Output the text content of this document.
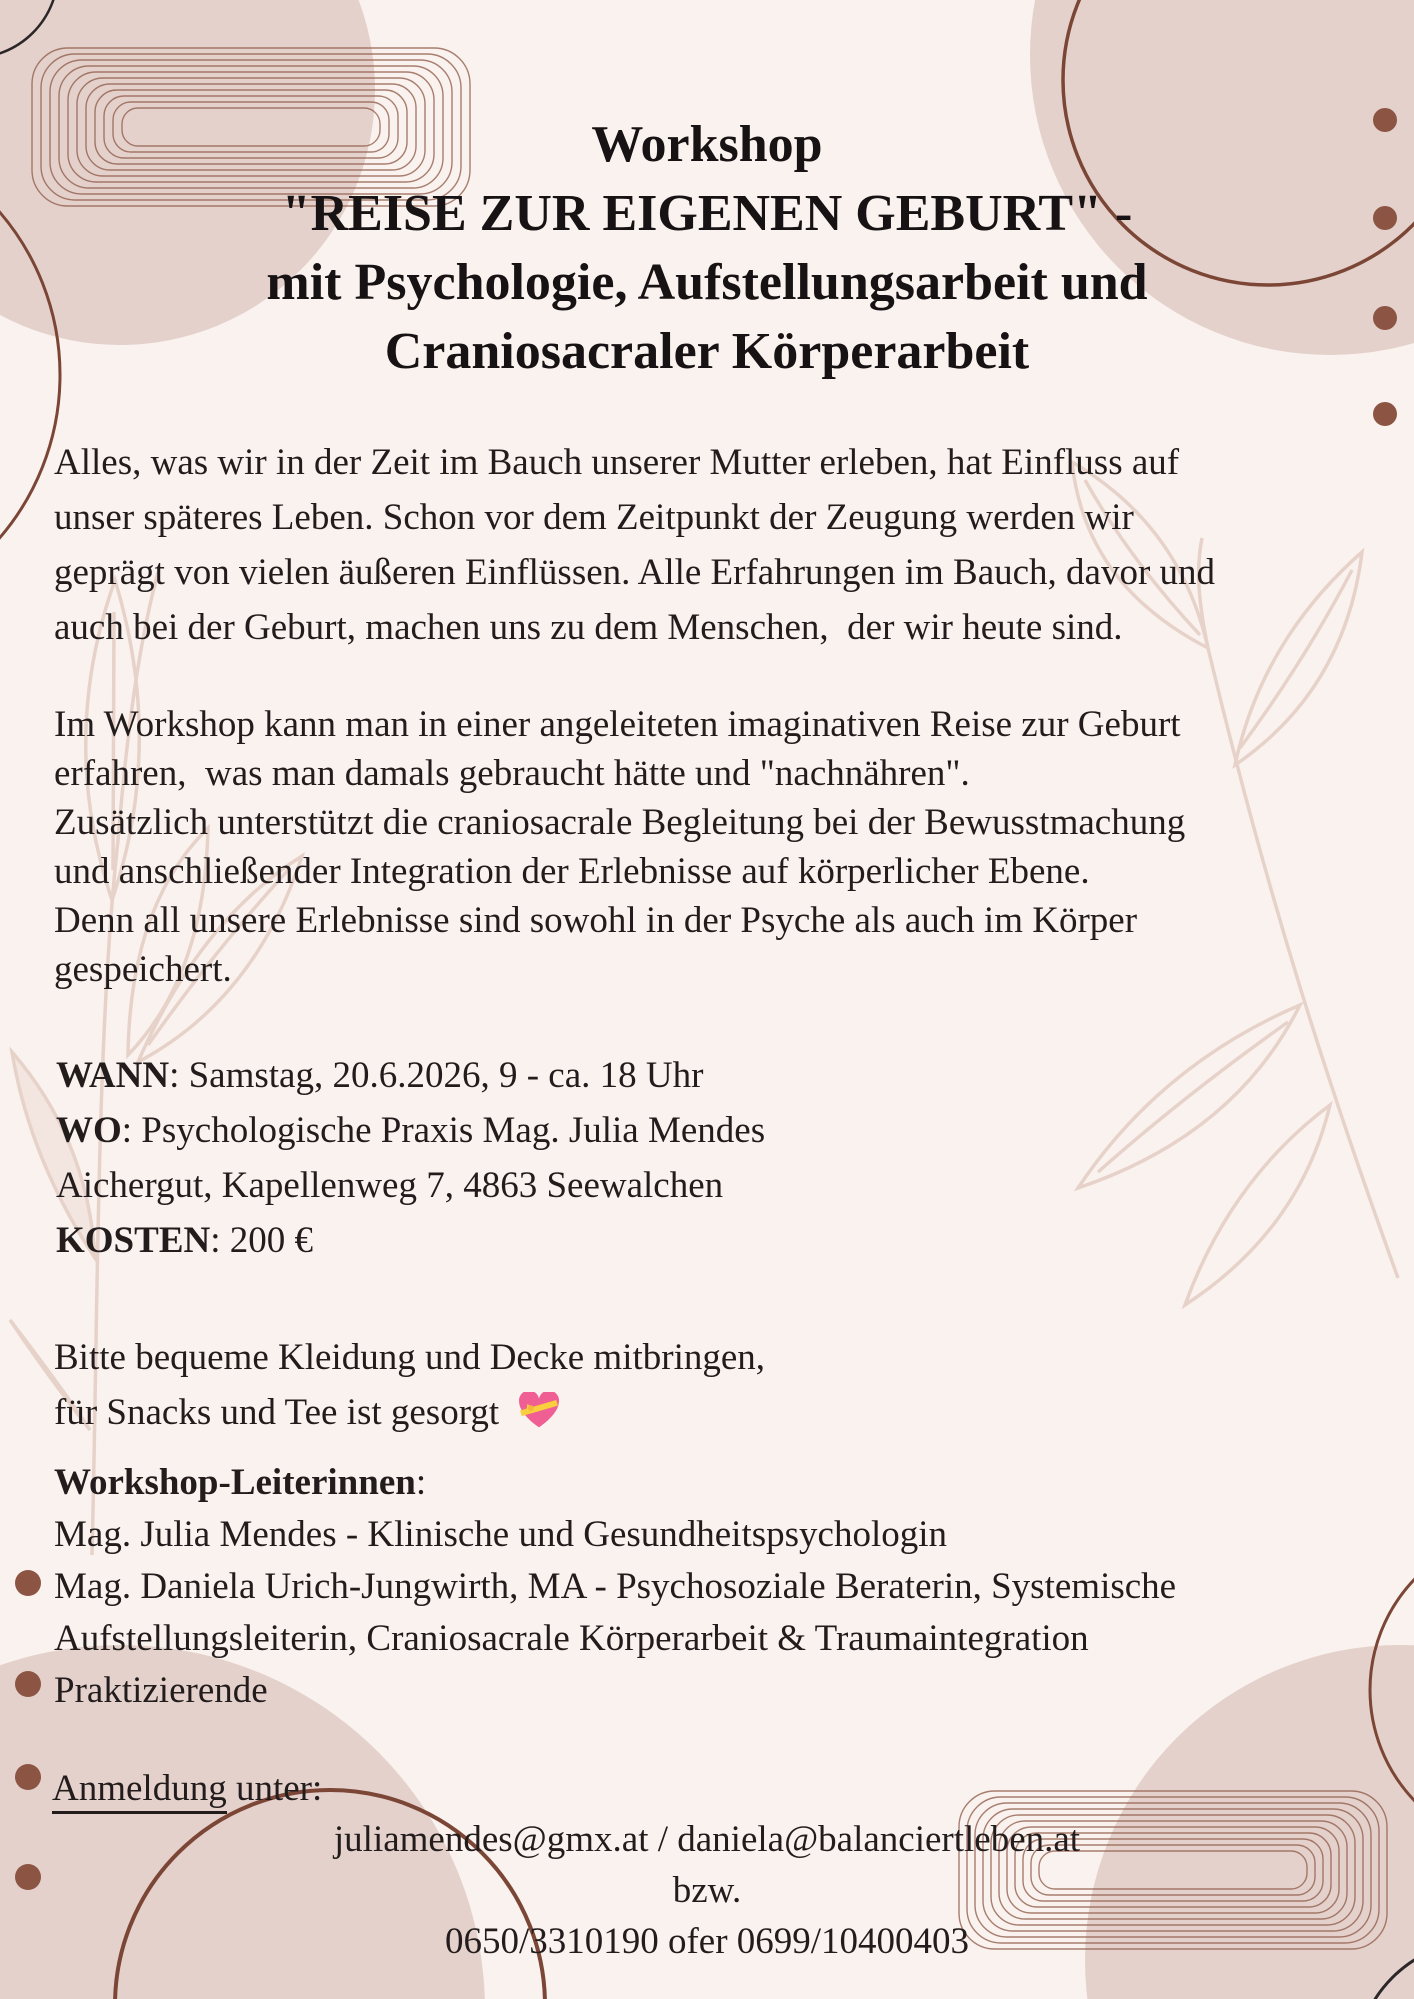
Workshop
"REISE ZUR EIGENEN GEBURT" -
mit Psychologie, Aufstellungsarbeit und
Craniosacraler Körperarbeit
Alles, was wir in der Zeit im Bauch unserer Mutter erleben, hat Einfluss auf
unser späteres Leben. Schon vor dem Zeitpunkt der Zeugung werden wir
geprägt von vielen äußeren Einflüssen. Alle Erfahrungen im Bauch, davor und
auch bei der Geburt, machen uns zu dem Menschen,  der wir heute sind.
Im Workshop kann man in einer angeleiteten imaginativen Reise zur Geburt
erfahren,  was man damals gebraucht hätte und "nachnähren".
Zusätzlich unterstützt die craniosacrale Begleitung bei der Bewusstmachung
und anschließender Integration der Erlebnisse auf körperlicher Ebene.
Denn all unsere Erlebnisse sind sowohl in der Psyche als auch im Körper
gespeichert.
WANN: Samstag, 20.6.2026, 9 - ca. 18 Uhr
WO: Psychologische Praxis Mag. Julia Mendes
Aichergut, Kapellenweg 7, 4863 Seewalchen
KOSTEN: 200 €
Bitte bequeme Kleidung und Decke mitbringen,
für Snacks und Tee ist gesorgt
Workshop-Leiterinnen:
Mag. Julia Mendes - Klinische und Gesundheitspsychologin
Mag. Daniela Urich-Jungwirth, MA - Psychosoziale Beraterin, Systemische
Aufstellungsleiterin, Craniosacrale Körperarbeit & Traumaintegration
Praktizierende
Anmeldung unter:
juliamendes@gmx.at / daniela@balanciertleben.at
bzw.
0650/3310190 ofer 0699/10400403
